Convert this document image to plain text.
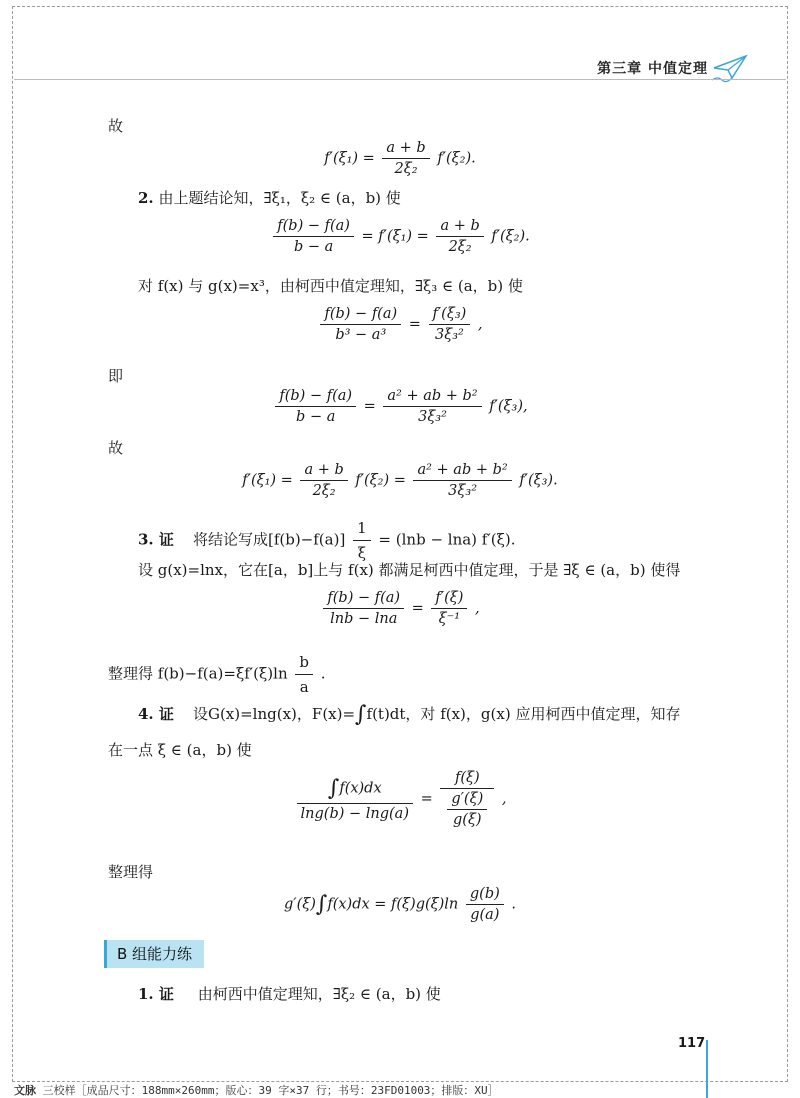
第三章 中值定理
故
$f'(\xi_1) = \frac{a + b}{\text{2ξ₂}} f'(\xi_2)$.
2. 由上题结论知，∃ξ₁，ξ₂ ∈ (a，b) 使
$\frac{f(b) - f(a)}{b - a} = f'(\xi_1) = \frac{a + b}{\text{2ξ₂}} f'(\xi_2)$.
对 f(x) 与 g(x)=x³，由柯西中值定理知，∃ξ₃ ∈ (a，b) 使
$\frac{f(b) - f(a)}{\text{b³ − a³}} = \frac{\text{f′(ξ₃)}}{\text{3ξ₃²}}$ ,
即
$\frac{f(b) - f(a)}{b - a} = \frac{\text{a² + ab + b²}}{\text{3ξ₃²}} f'(\xi_3)$,
故
$f'(\xi_1) = \frac{a + b}{\text{2ξ₂}} f'(\xi_2) = \frac{\text{a² + ab + b²}}{\text{3ξ₃²}} f'(\xi_3)$.
3. 证 将结论写成$[f(b)-f(a)] \frac{1}{\xi} = (\ln b - \ln a)$ f′(ξ).
设 g(x)=lnx，它在[a，b]上与 f(x) 都满足柯西中值定理，于是 ∃ξ ∈ (a，b) 使得
$\frac{f(b) - f(a)}{\ln b - \ln a} = \frac{f'(\xi)}{\text{ξ⁻¹}}$ ,
整理得 $f(b)-f(a)=\xi f'(\xi)\ln \frac{b}{a}$ .
4. 证 设G(x)=lng(x)，F(x)=∫f(t)dt，对 f(x)，g(x) 应用柯西中值定理，知存
在一点 ξ ∈ (a，b) 使
$\frac{\int f(x)dx}{\ln g(b) - \ln g(a)} = \frac{f(\xi)}{\frac{g'(\xi)}{g(\xi)}}$ ,
整理得
$g'(\xi)\int f(x)dx = f(\xi)g(\xi)\ln \frac{g(b)}{g(a)}$ .
B 组能力练
1. 证 由柯西中值定理知，∃ξ₂ ∈ (a，b) 使
117
文脉 三校样［成品尺寸：188mm×260mm；版心：39 字×37 行；书号：23FD01003；排版：XU］
